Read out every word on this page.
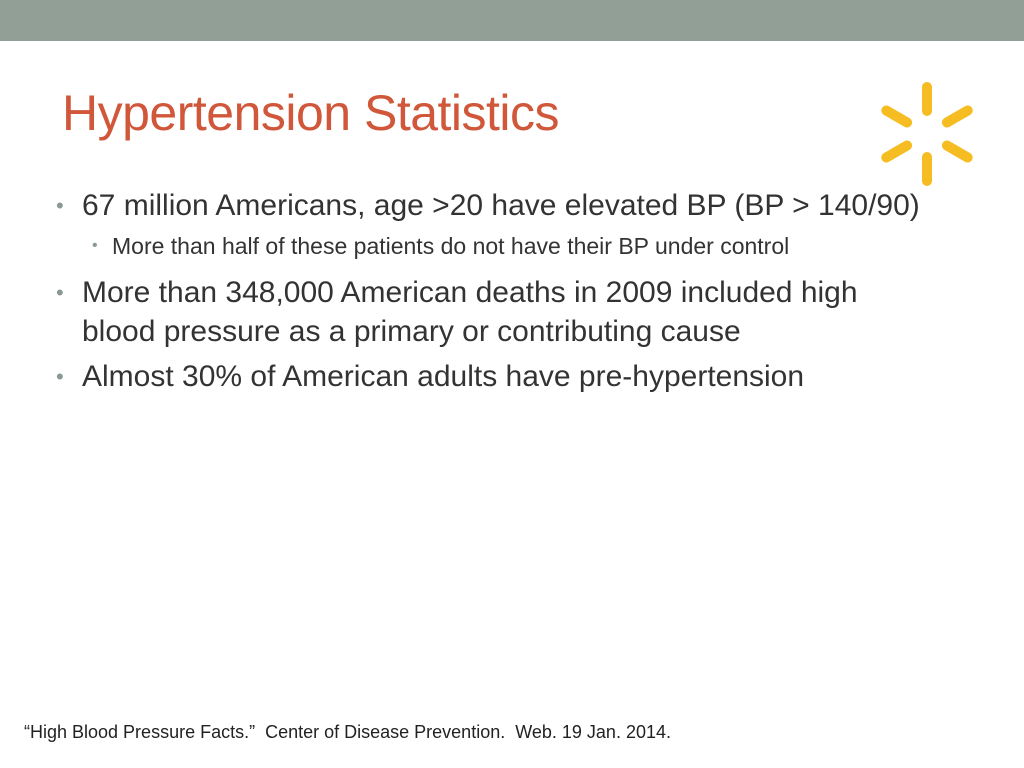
Hypertension Statistics
• 67 million Americans, age >20 have elevated BP (BP > 140/90)
• More than half of these patients do not have their BP under control
• More than 348,000 American deaths in 2009 included high blood pressure as a primary or contributing cause
• Almost 30% of American adults have pre-hypertension
“High Blood Pressure Facts.”  Center of Disease Prevention.  Web. 19 Jan. 2014.
